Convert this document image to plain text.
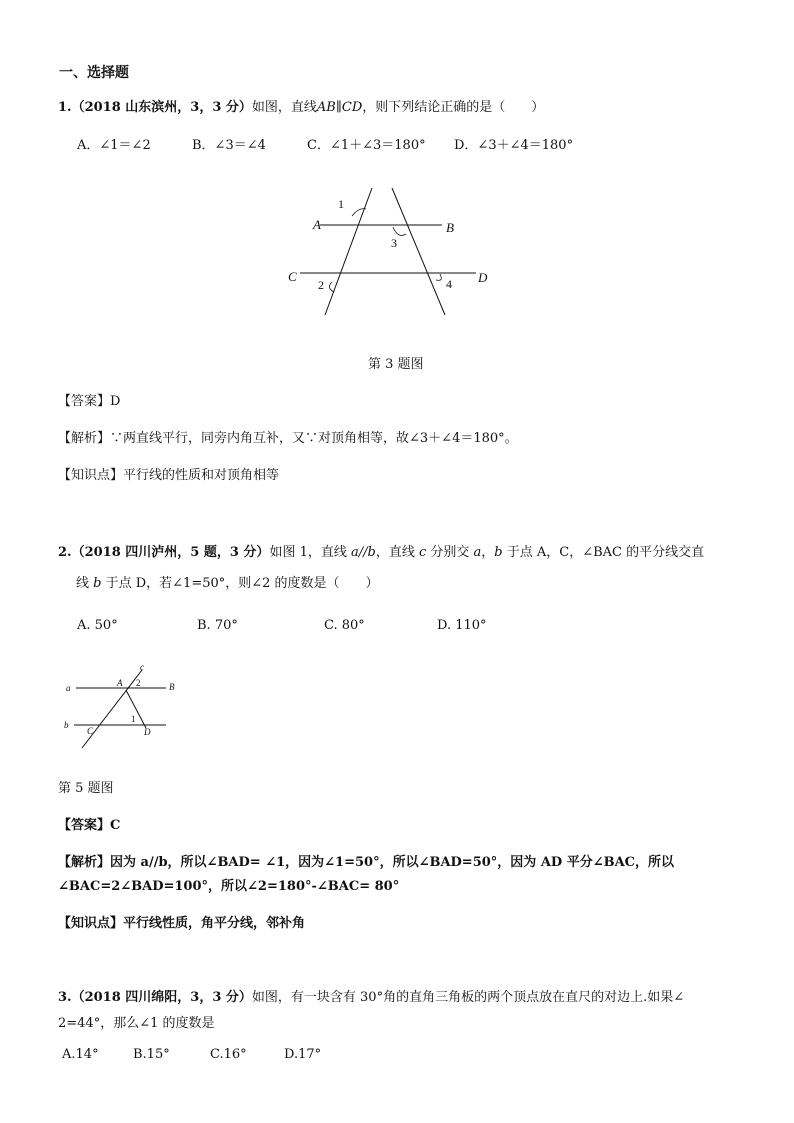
一、选择题
1.（2018 山东滨州，3，3 分）如图，直线AB∥CD，则下列结论正确的是（　　）
A．∠1＝∠2	B．∠3＝∠4	C．∠1＋∠3＝180° D．∠3＋∠4＝180°
1
A	B
3
C	D
2	4
第 3 题图
【答案】D
【解析】∵两直线平行，同旁内角互补，又∵对顶角相等，故∠3＋∠4＝180°。
【知识点】平行线的性质和对顶角相等
2.（2018 四川泸州，5 题，3 分）如图 1，直线 a//b，直线 c 分别交 a，b 于点 A，C，∠BAC 的平分线交直
线 b 于点 D，若∠1=50°，则∠2 的度数是（　　）
A. 50°	B. 70°	C. 80°	D. 110°
c
a	A 2	B
b
1
C	D
第 5 题图
【答案】C
【解析】因为 a//b，所以∠BAD= ∠1，因为∠1=50°，所以∠BAD=50°，因为 AD 平分∠BAC，所以
∠BAC=2∠BAD=100°，所以∠2=180°-∠BAC= 80°
【知识点】平行线性质，角平分线，邻补角
3.（2018 四川绵阳，3，3 分）如图，有一块含有 30°角的直角三角板的两个顶点放在直尺的对边上.如果∠
2=44°，那么∠1 的度数是
A.14°	B.15°	C.16°	D.17°
